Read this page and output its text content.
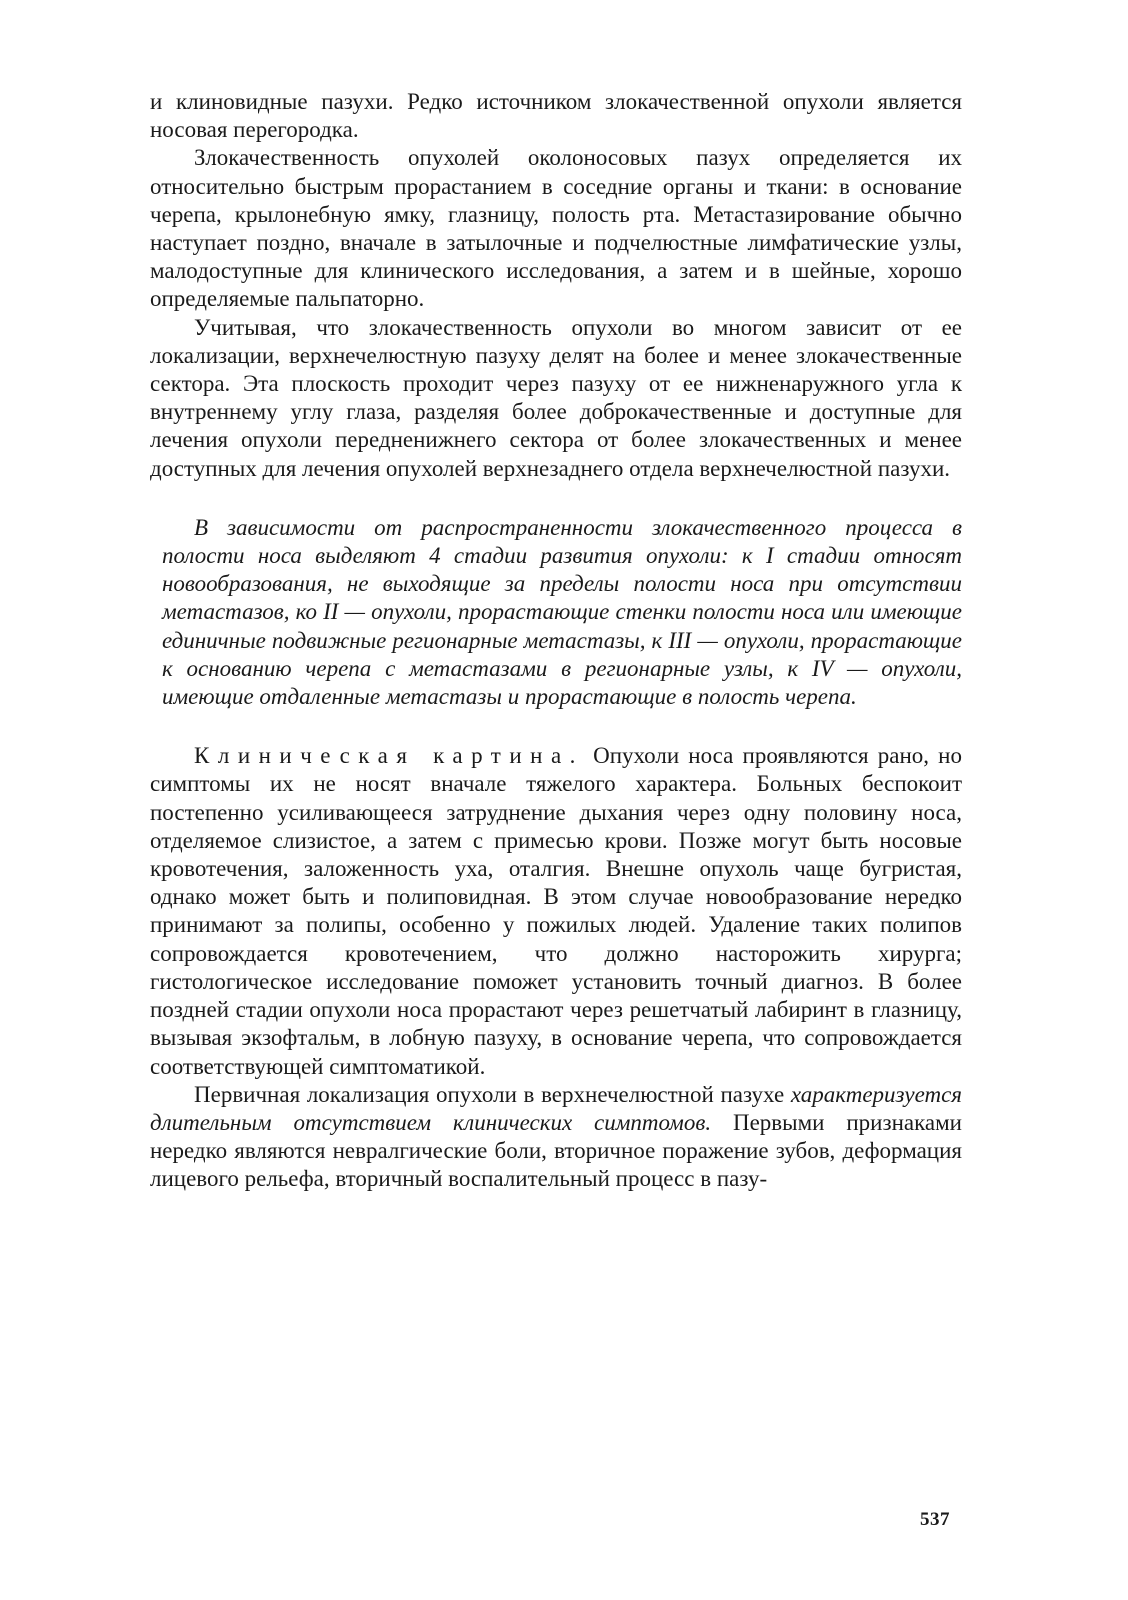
и клиновидные пазухи. Редко источником злокачественной опухоли является носовая перегородка.

Злокачественность опухолей околоносовых пазух определяется их относительно быстрым прорастанием в соседние органы и ткани: в основание черепа, крылонебную ямку, глазницу, полость рта. Метастазирование обычно наступает поздно, вначале в затылочные и подчелюстные лимфатические узлы, малодоступные для клинического исследования, а затем и в шейные, хорошо определяемые пальпаторно.

Учитывая, что злокачественность опухоли во многом зависит от ее локализации, верхнечелюстную пазуху делят на более и менее злокачественные сектора. Эта плоскость проходит через пазуху от ее нижненаружного угла к внутреннему углу глаза, разделяя более доброкачественные и доступные для лечения опухоли передненижнего сектора от более злокачественных и менее доступных для лечения опухолей верхнезаднего отдела верхнечелюстной пазухи.

В зависимости от распространенности злокачественного процесса в полости носа выделяют 4 стадии развития опухоли: к I стадии относят новообразования, не выходящие за пределы полости носа при отсутствии метастазов, ко II — опухоли, прорастающие стенки полости носа или имеющие единичные подвижные регионарные метастазы, к III — опухоли, прорастающие к основанию черепа с метастазами в регионарные узлы, к IV — опухоли, имеющие отдаленные метастазы и прорастающие в полость черепа.

Клиническая картина. Опухоли носа проявляются рано, но симптомы их не носят вначале тяжелого характера. Больных беспокоит постепенно усиливающееся затруднение дыхания через одну половину носа, отделяемое слизистое, а затем с примесью крови. Позже могут быть носовые кровотечения, заложенность уха, оталгия. Внешне опухоль чаще бугристая, однако может быть и полиповидная. В этом случае новообразование нередко принимают за полипы, особенно у пожилых людей. Удаление таких полипов сопровождается кровотечением, что должно насторожить хирурга; гистологическое исследование поможет установить точный диагноз. В более поздней стадии опухоли носа прорастают через решетчатый лабиринт в глазницу, вызывая экзофтальм, в лобную пазуху, в основание черепа, что сопровождается соответствующей симптоматикой.

Первичная локализация опухоли в верхнечелюстной пазухе характеризуется длительным отсутствием клинических симптомов. Первыми признаками нередко являются невралгические боли, вторичное поражение зубов, деформация лицевого рельефа, вторичный воспалительный процесс в пазу-

537
